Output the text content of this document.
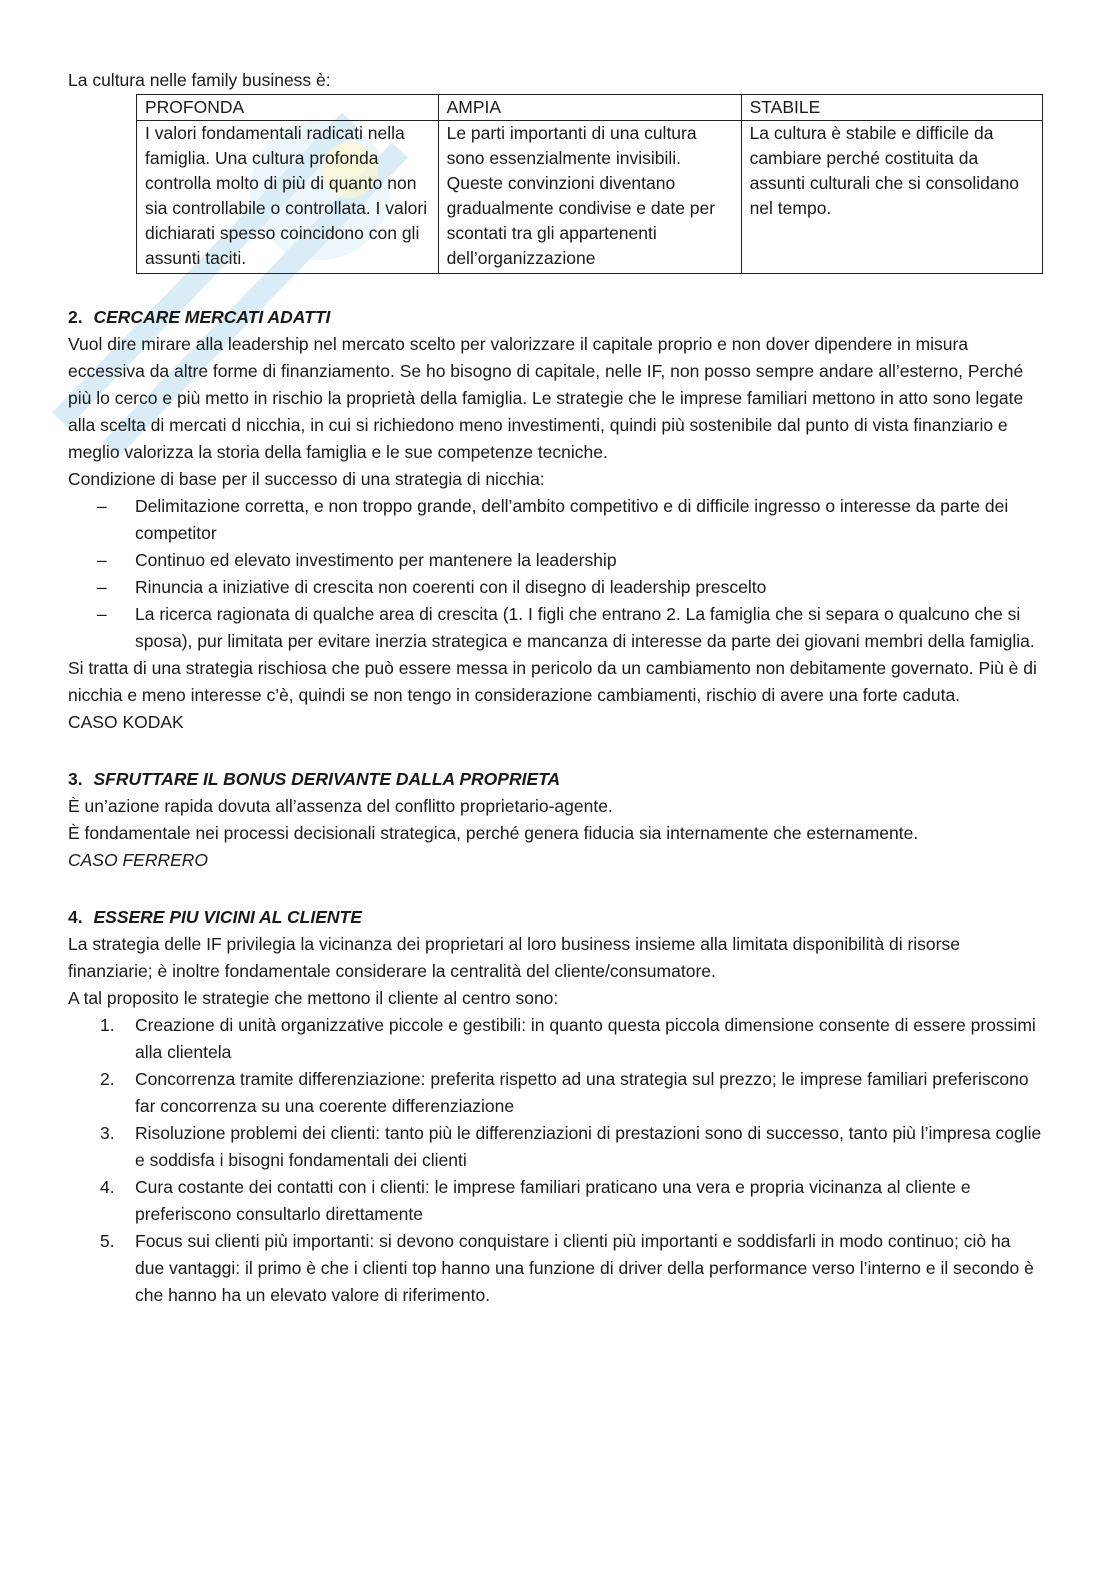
La cultura nelle family business è:

PROFONDA	AMPIA	STABILE
I valori fondamentali radicati nella famiglia. Una cultura profonda controlla molto di più di quanto non sia controllabile o controllata. I valori dichiarati spesso coincidono con gli assunti taciti.	Le parti importanti di una cultura sono essenzialmente invisibili. Queste convinzioni diventano gradualmente condivise e date per scontati tra gli appartenenti dell’organizzazione	La cultura è stabile e difficile da cambiare perché costituita da assunti culturali che si consolidano nel tempo.
2. CERCARE MERCATI ADATTI

Vuol dire mirare alla leadership nel mercato scelto per valorizzare il capitale proprio e non dover dipendere in misura eccessiva da altre forme di finanziamento. Se ho bisogno di capitale, nelle IF, non posso sempre andare all’esterno, Perché più lo cerco e più metto in rischio la proprietà della famiglia. Le strategie che le imprese familiari mettono in atto sono legate alla scelta di mercati d nicchia, in cui si richiedono meno investimenti, quindi più sostenibile dal punto di vista finanziario e meglio valorizza la storia della famiglia e le sue competenze tecniche.

Condizione di base per il successo di una strategia di nicchia:

– Delimitazione corretta, e non troppo grande, dell’ambito competitivo e di difficile ingresso o interesse da parte dei competitor
– Continuo ed elevato investimento per mantenere la leadership
– Rinuncia a iniziative di crescita non coerenti con il disegno di leadership prescelto
– La ricerca ragionata di qualche area di crescita (1. I figli che entrano 2. La famiglia che si separa o qualcuno che si sposa), pur limitata per evitare inerzia strategica e mancanza di interesse da parte dei giovani membri della famiglia.

Si tratta di una strategia rischiosa che può essere messa in pericolo da un cambiamento non debitamente governato. Più è di nicchia e meno interesse c’è, quindi se non tengo in considerazione cambiamenti, rischio di avere una forte caduta.

CASO KODAK

3. SFRUTTARE IL BONUS DERIVANTE DALLA PROPRIETA

È un’azione rapida dovuta all’assenza del conflitto proprietario-agente.

È fondamentale nei processi decisionali strategica, perché genera fiducia sia internamente che esternamente.

CASO FERRERO

4. ESSERE PIU VICINI AL CLIENTE

La strategia delle IF privilegia la vicinanza dei proprietari al loro business insieme alla limitata disponibilità di risorse finanziarie; è inoltre fondamentale considerare la centralità del cliente/consumatore.

A tal proposito le strategie che mettono il cliente al centro sono:

1. Creazione di unità organizzative piccole e gestibili: in quanto questa piccola dimensione consente di essere prossimi alla clientela
2. Concorrenza tramite differenziazione: preferita rispetto ad una strategia sul prezzo; le imprese familiari preferiscono far concorrenza su una coerente differenziazione
3. Risoluzione problemi dei clienti: tanto più le differenziazioni di prestazioni sono di successo, tanto più l’impresa coglie e soddisfa i bisogni fondamentali dei clienti
4. Cura costante dei contatti con i clienti: le imprese familiari praticano una vera e propria vicinanza al cliente e preferiscono consultarlo direttamente
5. Focus sui clienti più importanti: si devono conquistare i clienti più importanti e soddisfarli in modo continuo; ciò ha due vantaggi: il primo è che i clienti top hanno una funzione di driver della performance verso l’interno e il secondo è che hanno ha un elevato valore di riferimento.
